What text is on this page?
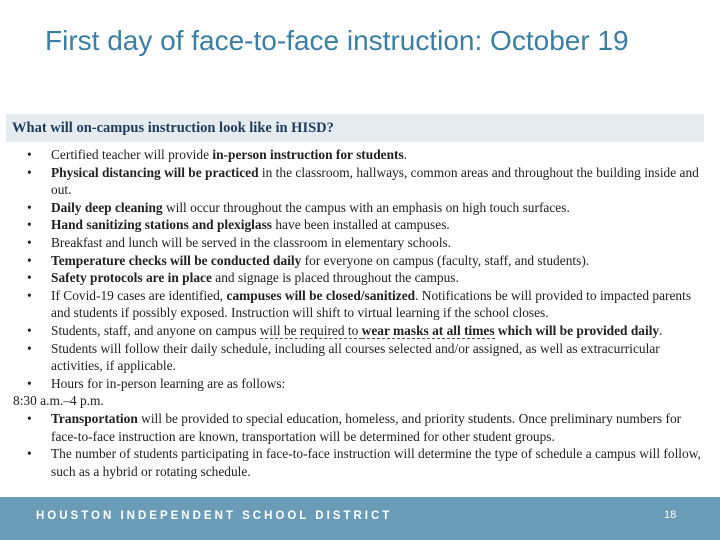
First day of face-to-face instruction: October 19
What will on-campus instruction look like in HISD?
• Certified teacher will provide in-person instruction for students.
• Physical distancing will be practiced in the classroom, hallways, common areas and throughout the building inside and out.
• Daily deep cleaning will occur throughout the campus with an emphasis on high touch surfaces.
• Hand sanitizing stations and plexiglass have been installed at campuses.
• Breakfast and lunch will be served in the classroom in elementary schools.
• Temperature checks will be conducted daily for everyone on campus (faculty, staff, and students).
• Safety protocols are in place and signage is placed throughout the campus.
• If Covid-19 cases are identified, campuses will be closed/sanitized. Notifications be will provided to impacted parents and students if possibly exposed. Instruction will shift to virtual learning if the school closes.
• Students, staff, and anyone on campus will be required to wear masks at all times which will be provided daily.
• Students will follow their daily schedule, including all courses selected and/or assigned, as well as extracurricular activities, if applicable.
• Hours for in-person learning are as follows:
8:30 a.m.–4 p.m.
• Transportation will be provided to special education, homeless, and priority students. Once preliminary numbers for face-to-face instruction are known, transportation will be determined for other student groups.
• The number of students participating in face-to-face instruction will determine the type of schedule a campus will follow, such as a hybrid or rotating schedule.
HOUSTON INDEPENDENT SCHOOL DISTRICT	18
